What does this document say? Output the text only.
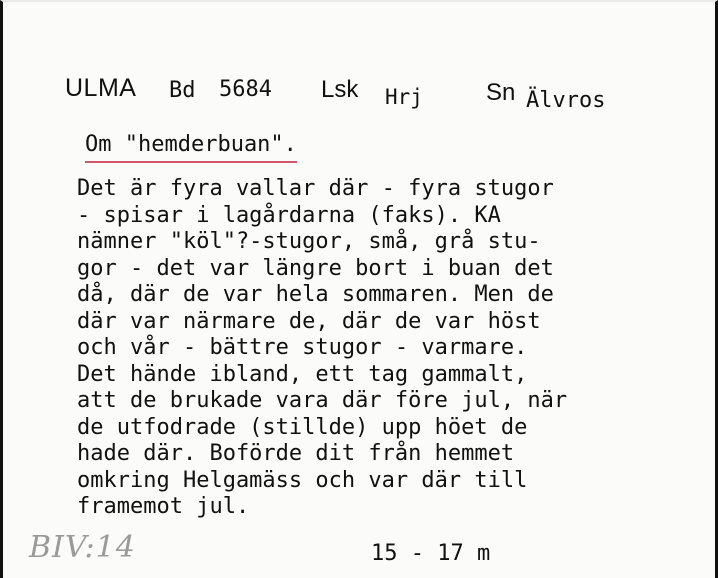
ULMA Bd 5684 Lsk Hrj	Sn Älvros
Om "hemderbuan".
Det är fyra vallar där - fyra stugor
- spisar i lagårdarna (faks). KA
nämner "köl"?-stugor, små, grå stu-
gor - det var längre bort i buan det
då, där de var hela sommaren. Men de
där var närmare de, där de var höst
och vår - bättre stugor - varmare.
Det hände ibland, ett tag gammalt,
att de brukade vara där före jul, när
de utfodrade (stillde) upp höet de
hade där. Boförde dit från hemmet
omkring Helgamäss och var där till
framemot jul.
BIV:14	15 - 17 m
